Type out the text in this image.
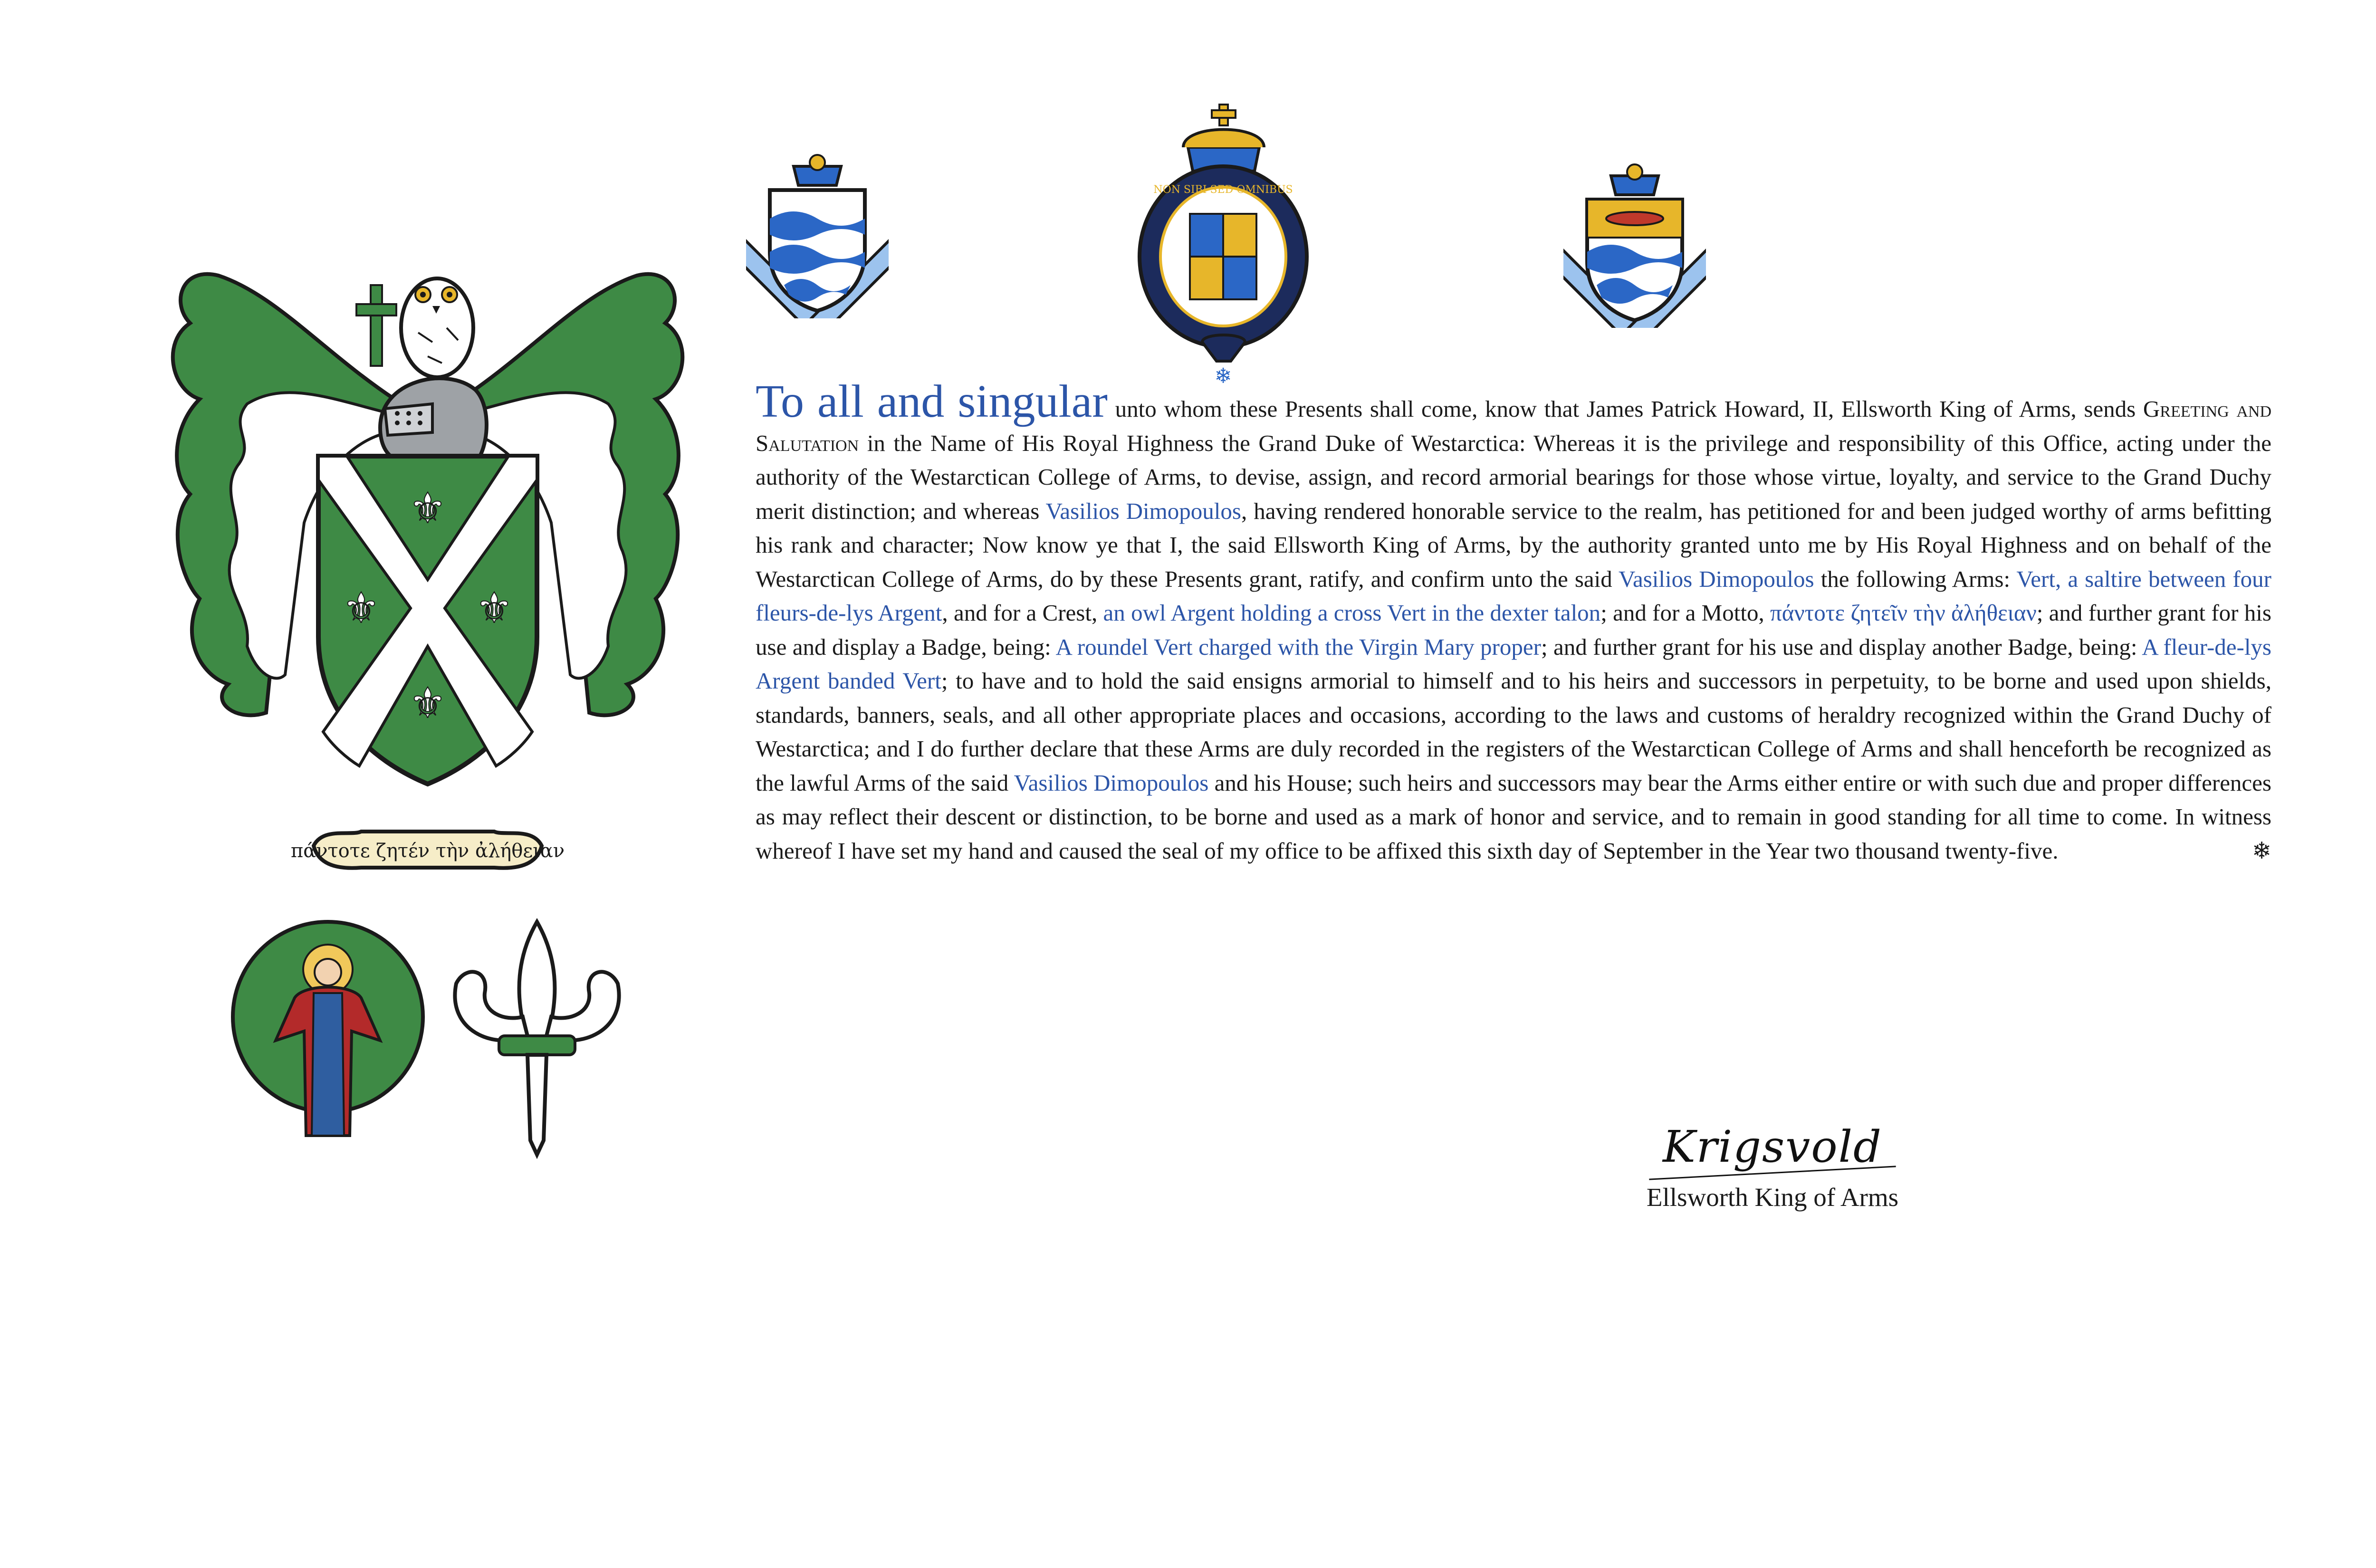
⚜
⚜	⚜
⚜
πάντοτε ζητέν τὴν ἀλήθειαν
NON SIBI SED OMNIBUS
❄
To all and singular unto whom these Presents shall come, know that James Patrick Howard, II, Ellsworth King of Arms, sends Greeting and Salutation in the Name of His Royal Highness the Grand Duke of Westarctica: Whereas it is the privilege and responsibility of this Office, acting under the authority of the Westarctican College of Arms, to devise, assign, and record armorial bearings for those whose virtue, loyalty, and service to the Grand Duchy merit distinction; and whereas Vasilios Dimopoulos, having rendered honorable service to the realm, has petitioned for and been judged worthy of arms befitting his rank and character; Now know ye that I, the said Ellsworth King of Arms, by the authority granted unto me by His Royal Highness and on behalf of the Westarctican College of Arms, do by these Presents grant, ratify, and confirm unto the said Vasilios Dimopoulos the following Arms: Vert, a saltire between four fleurs-de-lys Argent, and for a Crest, an owl Argent holding a cross Vert in the dexter talon; and for a Motto, πάντοτε ζητεῖν τὴν ἀλήθειαν; and further grant for his use and display a Badge, being: A roundel Vert charged with the Virgin Mary proper; and further grant for his use and display another Badge, being: A fleur-de-lys Argent banded Vert; to have and to hold the said ensigns armorial to himself and to his heirs and successors in perpetuity, to be borne and used upon shields, standards, banners, seals, and all other appropriate places and occasions, according to the laws and customs of heraldry recognized within the Grand Duchy of Westarctica; and I do further declare that these Arms are duly recorded in the registers of the Westarctican College of Arms and shall henceforth be recognized as the lawful Arms of the said Vasilios Dimopoulos and his House; such heirs and successors may bear the Arms either entire or with such due and proper differences as may reflect their descent or distinction, to be borne and used as a mark of honor and service, and to remain in good standing for all time to come. In witness whereof I have set my hand and caused the seal of my office to be affixed this sixth day of September in the Year two thousand twenty-five.	❄
Krigsvold
Ellsworth King of Arms
